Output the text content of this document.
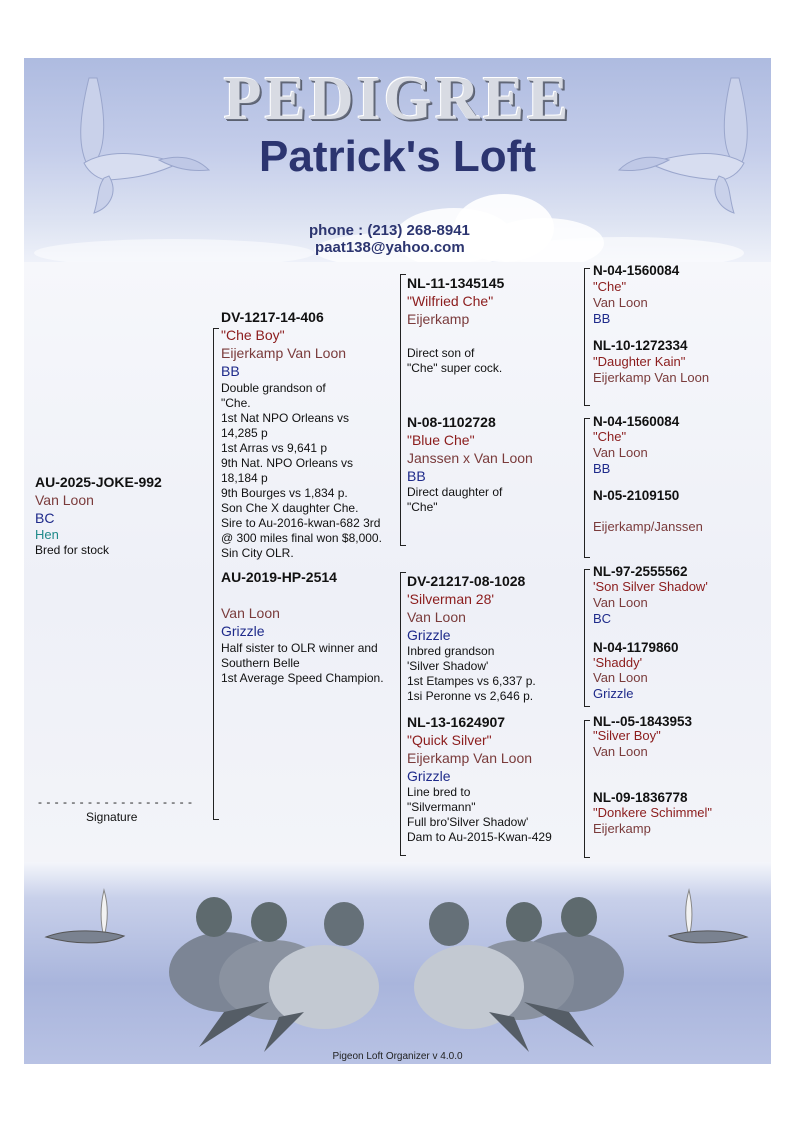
PEDIGREE
Patrick's Loft
phone : (213) 268-8941
paat138@yahoo.com
Pigeon Loft Organizer v 4.0.0
AU-2025-JOKE-992
Van Loon
BC
Hen
Bred for stock
- - - - - - - - - - - - - - - - - - -
Signature
DV-1217-14-406
"Che Boy"
Eijerkamp Van Loon
BB
Double grandson of
"Che.
1st Nat NPO Orleans vs
14,285 p
1st Arras vs 9,641 p
9th Nat. NPO Orleans vs
18,184 p
9th Bourges vs 1,834 p.
Son Che X daughter Che.
Sire to Au-2016-kwan-682 3rd
@ 300 miles final won $8,000.
Sin City OLR.
AU-2019-HP-2514
Van Loon
Grizzle
Half sister to OLR winner and
Southern Belle
1st Average Speed Champion.
NL-11-1345145
"Wilfried Che"
Eijerkamp
Direct son of
"Che" super cock.
N-08-1102728
"Blue Che"
Janssen x Van Loon
BB
Direct daughter of
"Che"
DV-21217-08-1028
'Silverman 28'
Van Loon
Grizzle
Inbred grandson
'Silver Shadow'
1st Etampes vs 6,337 p.
1si Peronne vs 2,646 p.
NL-13-1624907
"Quick Silver"
Eijerkamp Van Loon
Grizzle
Line bred to
"Silvermann"
Full bro'Silver Shadow'
Dam to Au-2015-Kwan-429
N-04-1560084
"Che"
Van Loon
BB
NL-10-1272334
"Daughter Kain"
Eijerkamp Van Loon
N-04-1560084
"Che"
Van Loon
BB
N-05-2109150
Eijerkamp/Janssen
NL-97-2555562
'Son Silver Shadow'
Van Loon
BC
N-04-1179860
'Shaddy'
Van Loon
Grizzle
NL--05-1843953
"Silver Boy"
Van Loon
NL-09-1836778
"Donkere Schimmel"
Eijerkamp
